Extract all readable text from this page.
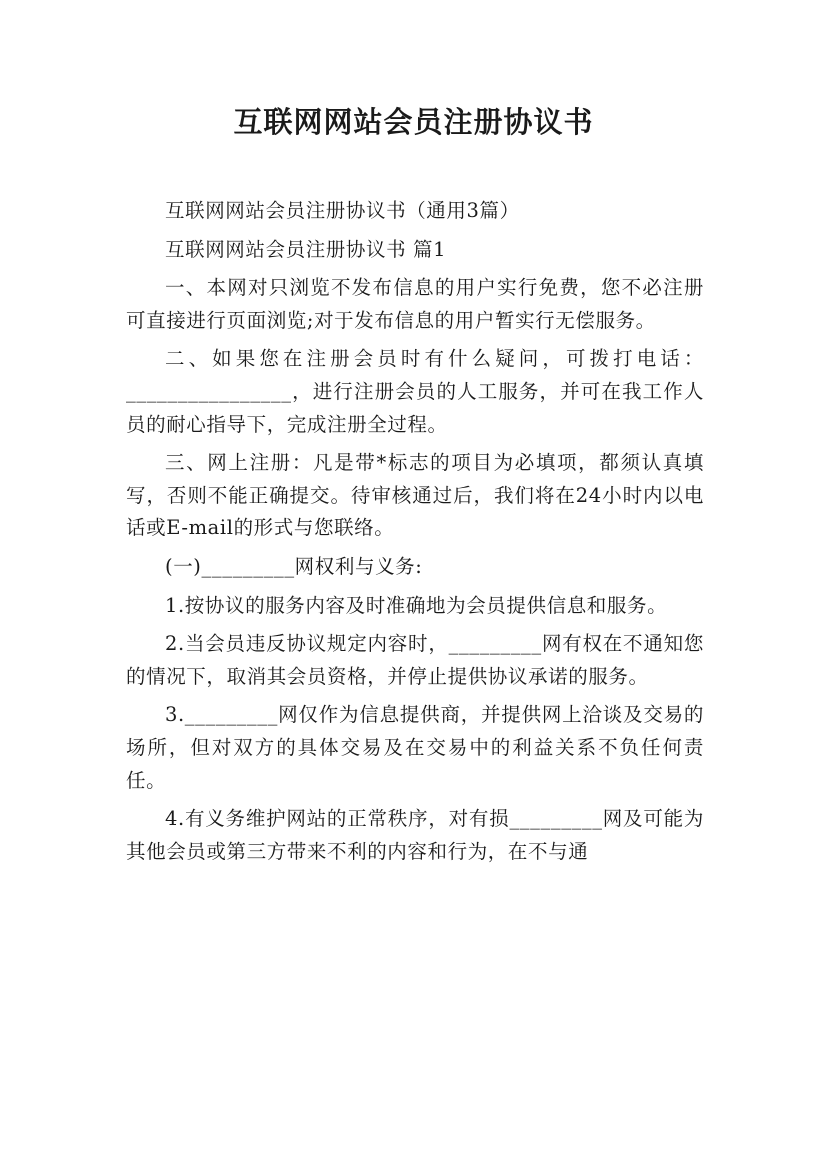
互联网网站会员注册协议书

互联网网站会员注册协议书（通用3篇）

互联网网站会员注册协议书 篇1

一、本网对只浏览不发布信息的用户实行免费，您不必注册可直接进行页面浏览;对于发布信息的用户暂实行无偿服务。

二、如果您在注册会员时有什么疑问，可拨打电话：________________，进行注册会员的人工服务，并可在我工作人员的耐心指导下，完成注册全过程。

三、网上注册：凡是带*标志的项目为必填项，都须认真填写，否则不能正确提交。待审核通过后，我们将在24小时内以电话或E-mail的形式与您联络。

(一)_________网权利与义务:

1.按协议的服务内容及时准确地为会员提供信息和服务。

2.当会员违反协议规定内容时，_________网有权在不通知您的情况下，取消其会员资格，并停止提供协议承诺的服务。

3._________网仅作为信息提供商，并提供网上洽谈及交易的场所，但对双方的具体交易及在交易中的利益关系不负任何责任。

4.有义务维护网站的正常秩序，对有损_________网及可能为其他会员或第三方带来不利的内容和行为，在不与通
